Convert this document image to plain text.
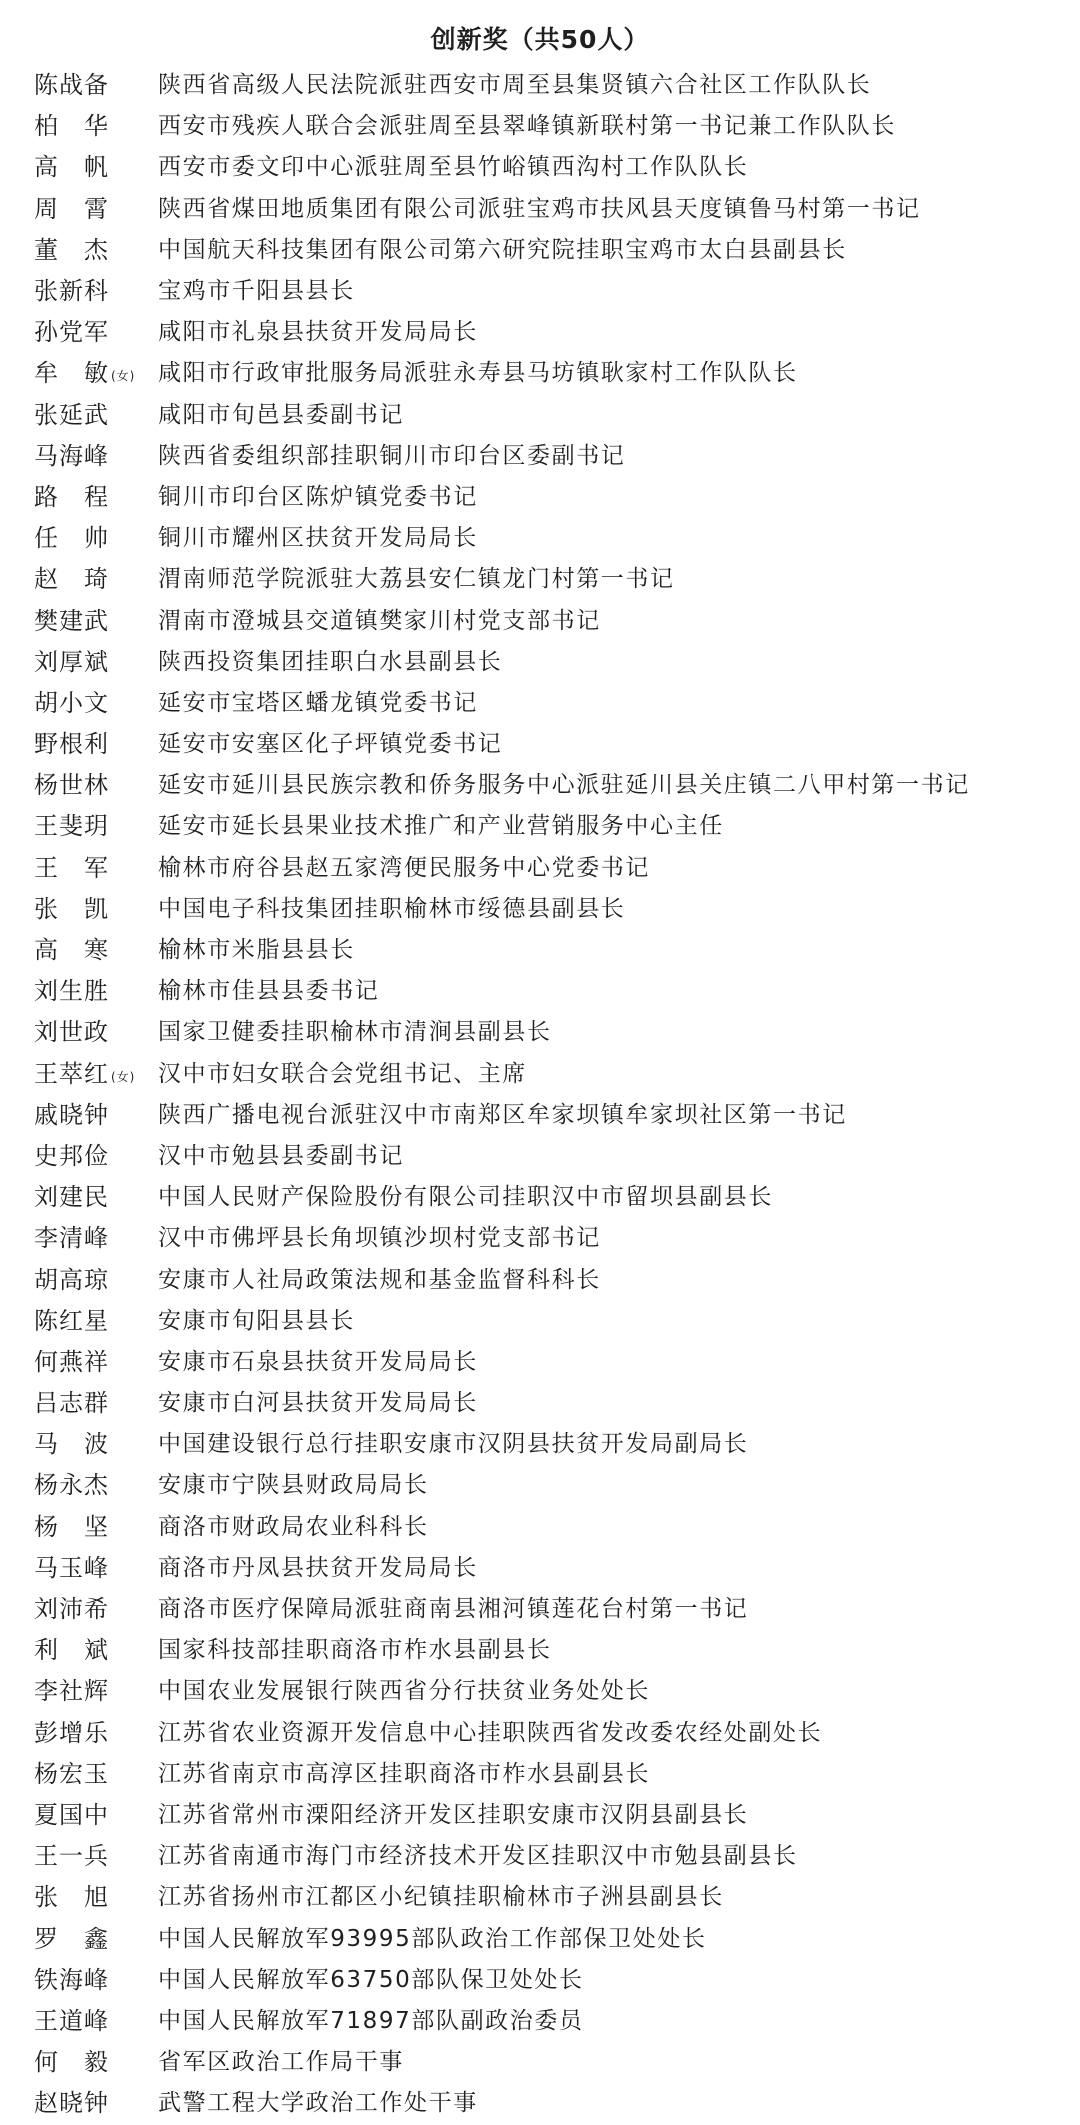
创新奖（共50人）
陈战备	陕西省高级人民法院派驻西安市周至县集贤镇六合社区工作队队长
柏　华	西安市残疾人联合会派驻周至县翠峰镇新联村第一书记兼工作队队长
高　帆	西安市委文印中心派驻周至县竹峪镇西沟村工作队队长
周　霄	陕西省煤田地质集团有限公司派驻宝鸡市扶风县天度镇鲁马村第一书记
董　杰	中国航天科技集团有限公司第六研究院挂职宝鸡市太白县副县长
张新科	宝鸡市千阳县县长
孙党军	咸阳市礼泉县扶贫开发局局长
牟　敏 (女) 咸阳市行政审批服务局派驻永寿县马坊镇耿家村工作队队长
张延武	咸阳市旬邑县委副书记
马海峰	陕西省委组织部挂职铜川市印台区委副书记
路　程	铜川市印台区陈炉镇党委书记
任　帅	铜川市耀州区扶贫开发局局长
赵　琦	渭南师范学院派驻大荔县安仁镇龙门村第一书记
樊建武	渭南市澄城县交道镇樊家川村党支部书记
刘厚斌	陕西投资集团挂职白水县副县长
胡小文	延安市宝塔区蟠龙镇党委书记
野根利	延安市安塞区化子坪镇党委书记
杨世林	延安市延川县民族宗教和侨务服务中心派驻延川县关庄镇二八甲村第一书记
王斐玥	延安市延长县果业技术推广和产业营销服务中心主任
王　军	榆林市府谷县赵五家湾便民服务中心党委书记
张　凯	中国电子科技集团挂职榆林市绥德县副县长
高　寒	榆林市米脂县县长
刘生胜	榆林市佳县县委书记
刘世政	国家卫健委挂职榆林市清涧县副县长
王萃红 (女) 汉中市妇女联合会党组书记、主席
戚晓钟	陕西广播电视台派驻汉中市南郑区牟家坝镇牟家坝社区第一书记
史邦俭	汉中市勉县县委副书记
刘建民	中国人民财产保险股份有限公司挂职汉中市留坝县副县长
李清峰	汉中市佛坪县长角坝镇沙坝村党支部书记
胡高琼	安康市人社局政策法规和基金监督科科长
陈红星	安康市旬阳县县长
何燕祥	安康市石泉县扶贫开发局局长
吕志群	安康市白河县扶贫开发局局长
马　波	中国建设银行总行挂职安康市汉阴县扶贫开发局副局长
杨永杰	安康市宁陕县财政局局长
杨　坚	商洛市财政局农业科科长
马玉峰	商洛市丹凤县扶贫开发局局长
刘沛希	商洛市医疗保障局派驻商南县湘河镇莲花台村第一书记
利　斌	国家科技部挂职商洛市柞水县副县长
李社辉	中国农业发展银行陕西省分行扶贫业务处处长
彭增乐	江苏省农业资源开发信息中心挂职陕西省发改委农经处副处长
杨宏玉	江苏省南京市高淳区挂职商洛市柞水县副县长
夏国中	江苏省常州市溧阳经济开发区挂职安康市汉阴县副县长
王一兵	江苏省南通市海门市经济技术开发区挂职汉中市勉县副县长
张　旭	江苏省扬州市江都区小纪镇挂职榆林市子洲县副县长
罗　鑫	中国人民解放军93995部队政治工作部保卫处处长
铁海峰	中国人民解放军63750部队保卫处处长
王道峰	中国人民解放军71897部队副政治委员
何　毅	省军区政治工作局干事
赵晓钟	武警工程大学政治工作处干事
